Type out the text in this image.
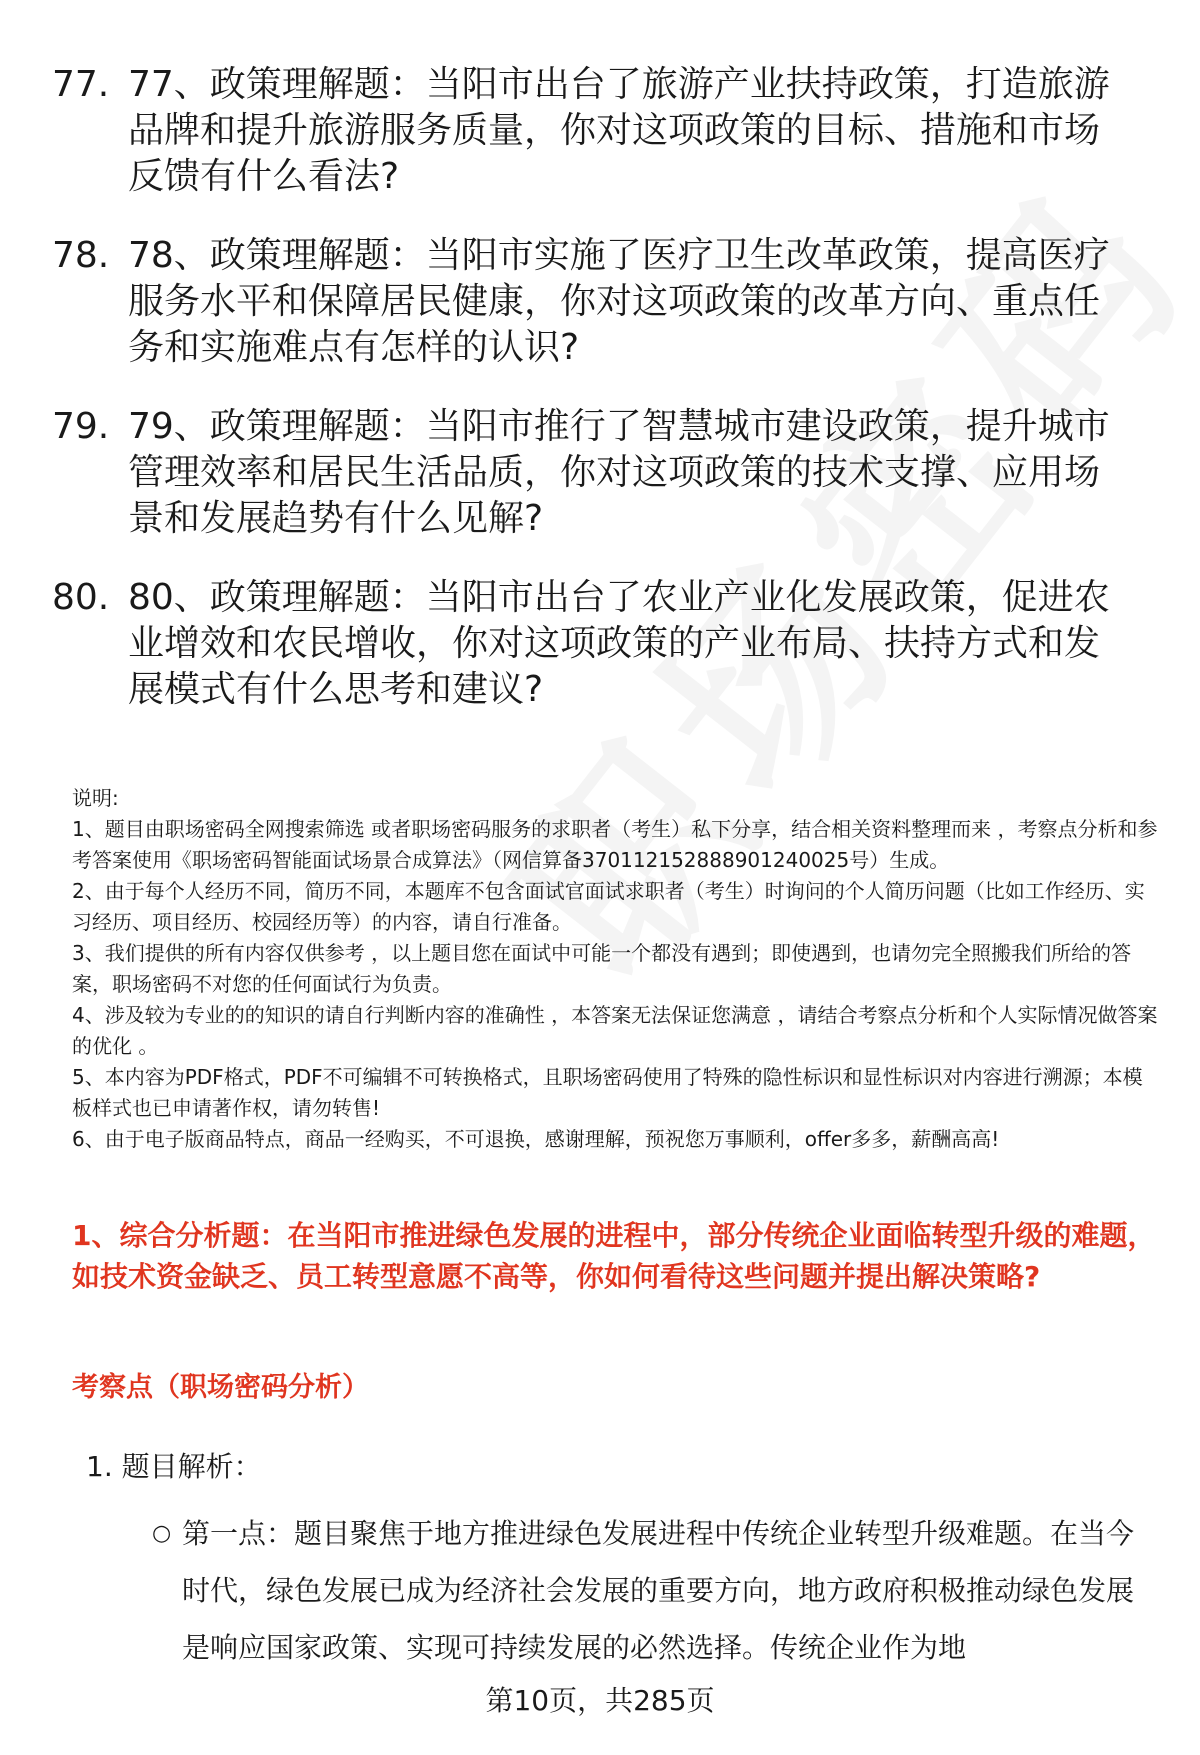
77. 77、政策理解题：当阳市出台了旅游产业扶持政策，打造旅游品牌和提升旅游服务质量，你对这项政策的目标、措施和市场反馈有什么看法?
78. 78、政策理解题：当阳市实施了医疗卫生改革政策，提高医疗服务水平和保障居民健康，你对这项政策的改革方向、重点任务和实施难点有怎样的认识?
79. 79、政策理解题：当阳市推行了智慧城市建设政策，提升城市管理效率和居民生活品质，你对这项政策的技术支撑、应用场景和发展趋势有什么见解?
80. 80、政策理解题：当阳市出台了农业产业化发展政策，促进农业增效和农民增收，你对这项政策的产业布局、扶持方式和发展模式有什么思考和建议?

说明:

1、题目由职场密码全网搜索筛选 或者职场密码服务的求职者（考生）私下分享，结合相关资料整理而来 ，考察点分析和参考答案使用《职场密码智能面试场景合成算法》（网信算备370112152888901240025号）生成。

2、由于每个人经历不同，简历不同，本题库不包含面试官面试求职者（考生）时询问的个人简历问题（比如工作经历、实习经历、项目经历、校园经历等）的内容，请自行准备。

3、我们提供的所有内容仅供参考 ，以上题目您在面试中可能一个都没有遇到；即使遇到，也请勿完全照搬我们所给的答案，职场密码不对您的任何面试行为负责。

4、涉及较为专业的的知识的请自行判断内容的准确性 ，本答案无法保证您满意 ，请结合考察点分析和个人实际情况做答案的优化 。

5、本内容为PDF格式，PDF不可编辑不可转换格式，且职场密码使用了特殊的隐性标识和显性标识对内容进行溯源；本模板样式也已申请著作权，请勿转售!

6、由于电子版商品特点，商品一经购买，不可退换，感谢理解，预祝您万事顺利，offer多多，薪酬高高!

1、综合分析题：在当阳市推进绿色发展的进程中，部分传统企业面临转型升级的难题，如技术资金缺乏、员工转型意愿不高等，你如何看待这些问题并提出解决策略?
考察点（职场密码分析）
1. 题目解析：
○ 第一点：题目聚焦于地方推进绿色发展进程中传统企业转型升级难题。在当今时代，绿色发展已成为经济社会发展的重要方向，地方政府积极推动绿色发展是响应国家政策、实现可持续发展的必然选择。传统企业作为地
第10页，共285页
